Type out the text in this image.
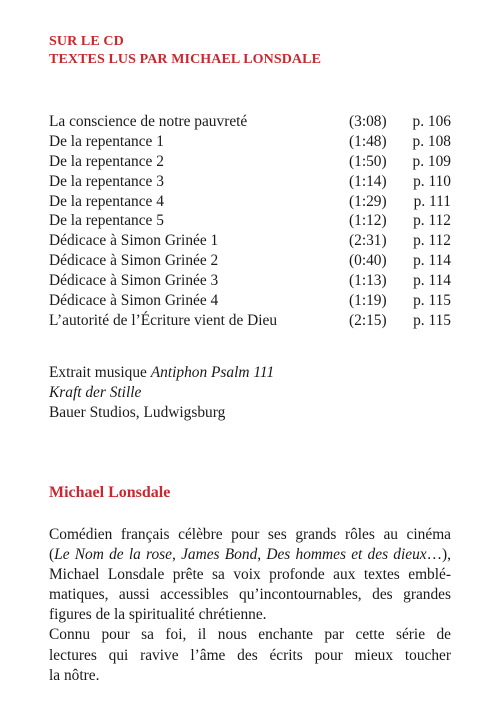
SUR LE CD
TEXTES LUS PAR MICHAEL LONSDALE
La conscience de notre pauvreté	(3:08)	p. 106
De la repentance 1	(1:48)	p. 108
De la repentance 2	(1:50)	p. 109
De la repentance 3	(1:14)	p. 110
De la repentance 4	(1:29)	p. 111
De la repentance 5	(1:12)	p. 112
Dédicace à Simon Grinée 1	(2:31)	p. 112
Dédicace à Simon Grinée 2	(0:40)	p. 114
Dédicace à Simon Grinée 3	(1:13)	p. 114
Dédicace à Simon Grinée 4	(1:19)	p. 115
L’autorité de l’Écriture vient de Dieu	(2:15)	p. 115
Extrait musique Antiphon Psalm 111
Kraft der Stille
Bauer Studios, Ludwigsburg
Michael Lonsdale
Comédien français célèbre pour ses grands rôles au cinéma
(Le Nom de la rose, James Bond, Des hommes et des dieux…),
Michael Lonsdale prête sa voix profonde aux textes emblé-
matiques, aussi accessibles qu’incontournables, des grandes
figures de la spiritualité chrétienne.
Connu pour sa foi, il nous enchante par cette série de
lectures qui ravive l’âme des écrits pour mieux toucher
la nôtre.
